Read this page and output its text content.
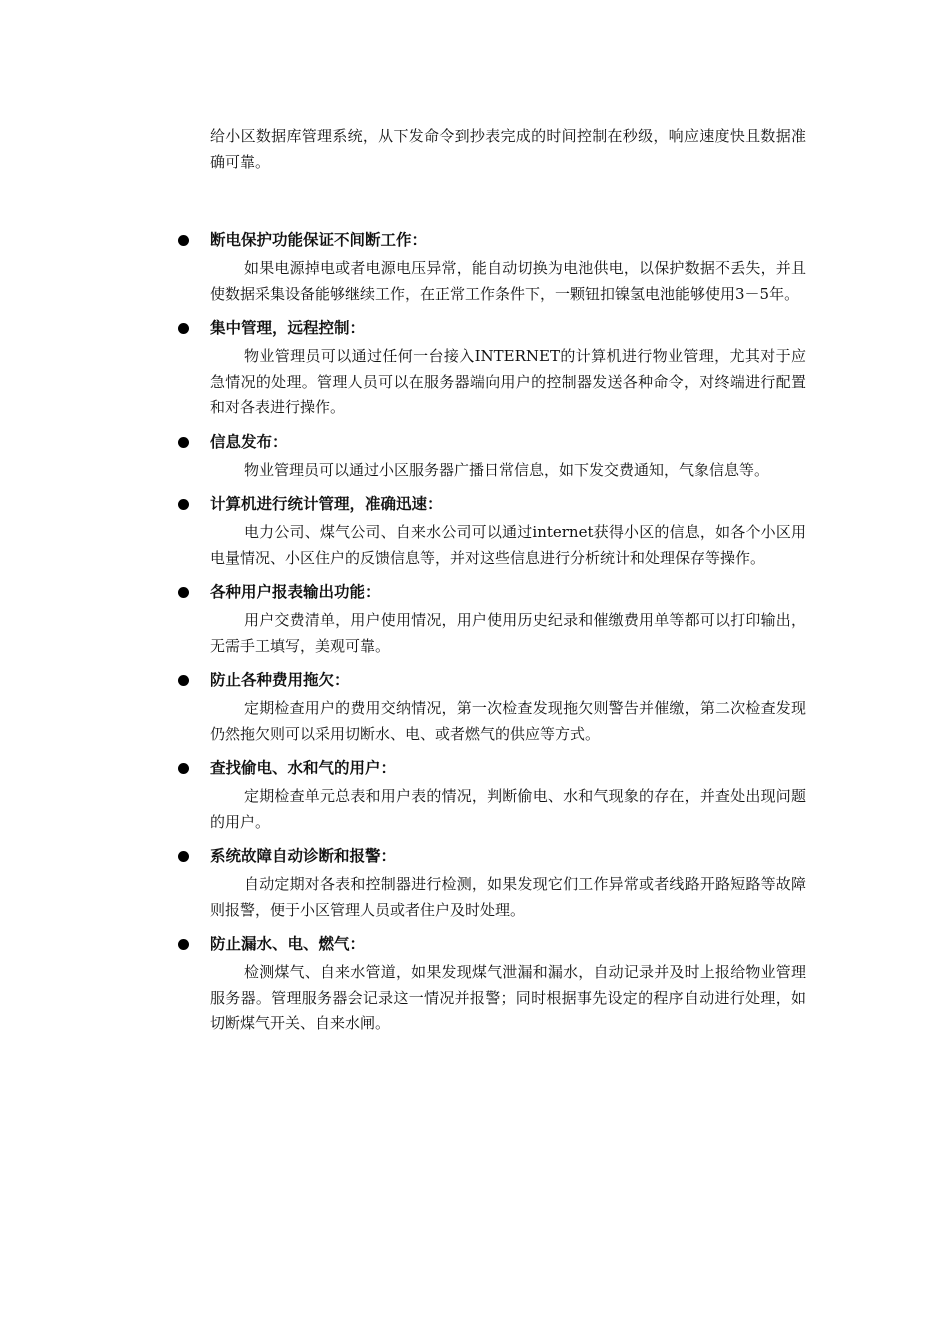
给小区数据库管理系统，从下发命令到抄表完成的时间控制在秒级，响应速度快且数据准确可靠。

断电保护功能保证不间断工作：

如果电源掉电或者电源电压异常，能自动切换为电池供电，以保护数据不丢失，并且使数据采集设备能够继续工作，在正常工作条件下，一颗钮扣镍氢电池能够使用3－5年。

集中管理，远程控制：

物业管理员可以通过任何一台接入INTERNET的计算机进行物业管理，尤其对于应急情况的处理。管理人员可以在服务器端向用户的控制器发送各种命令，对终端进行配置和对各表进行操作。

信息发布：

物业管理员可以通过小区服务器广播日常信息，如下发交费通知，气象信息等。

计算机进行统计管理，准确迅速：

电力公司、煤气公司、自来水公司可以通过internet获得小区的信息，如各个小区用电量情况、小区住户的反馈信息等，并对这些信息进行分析统计和处理保存等操作。

各种用户报表输出功能：

用户交费清单，用户使用情况，用户使用历史纪录和催缴费用单等都可以打印输出，无需手工填写，美观可靠。

防止各种费用拖欠：

定期检查用户的费用交纳情况，第一次检查发现拖欠则警告并催缴，第二次检查发现仍然拖欠则可以采用切断水、电、或者燃气的供应等方式。

查找偷电、水和气的用户：

定期检查单元总表和用户表的情况，判断偷电、水和气现象的存在，并查处出现问题的用户。

系统故障自动诊断和报警：

自动定期对各表和控制器进行检测，如果发现它们工作异常或者线路开路短路等故障则报警，便于小区管理人员或者住户及时处理。

防止漏水、电、燃气：

检测煤气、自来水管道，如果发现煤气泄漏和漏水，自动记录并及时上报给物业管理服务器。管理服务器会记录这一情况并报警；同时根据事先设定的程序自动进行处理，如切断煤气开关、自来水闸。
